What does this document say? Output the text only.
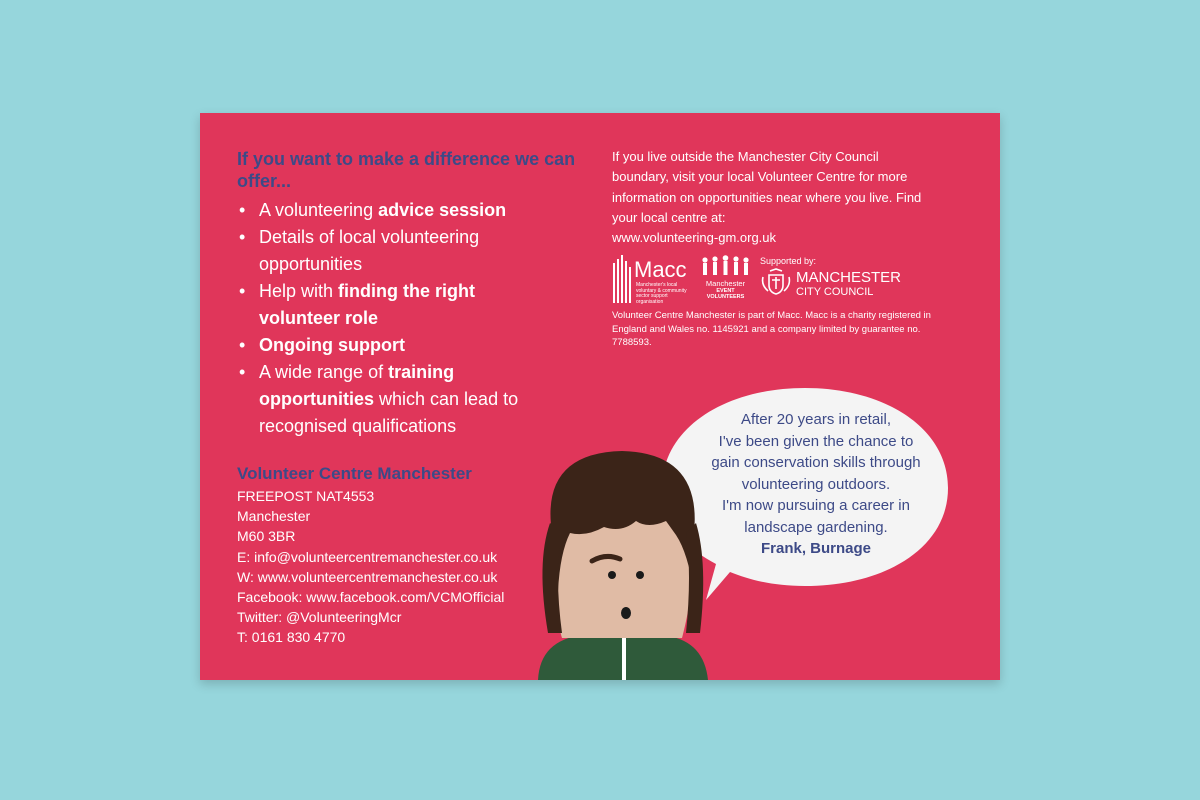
If you want to make a difference we can offer...
• A volunteering advice session
• Details of local volunteering opportunities
• Help with finding the right volunteer role
• Ongoing support
• A wide range of training opportunities which can lead to recognised qualifications
Volunteer Centre Manchester
FREEPOST NAT4553
Manchester
M60 3BR
E: info@volunteercentremanchester.co.uk
W: www.volunteercentremanchester.co.uk
Facebook: www.facebook.com/VCMOfficial
Twitter: @VolunteeringMcr
T: 0161 830 4770
If you live outside the Manchester City Council boundary, visit your local Volunteer Centre for more information on opportunities near where you live. Find your local centre at:
www.volunteering-gm.org.uk
Macc
Manchester's local voluntary & community sector support organisation
Manchester
EVENT VOLUNTEERS
Supported by:
MANCHESTER
CITY COUNCIL
Volunteer Centre Manchester is part of Macc. Macc is a charity registered in England and Wales no. 1145921 and a company limited by guarantee no. 7788593.
After 20 years in retail,
I've been given the chance to
gain conservation skills through
volunteering outdoors.
I'm now pursuing a career in
landscape gardening.
Frank, Burnage
